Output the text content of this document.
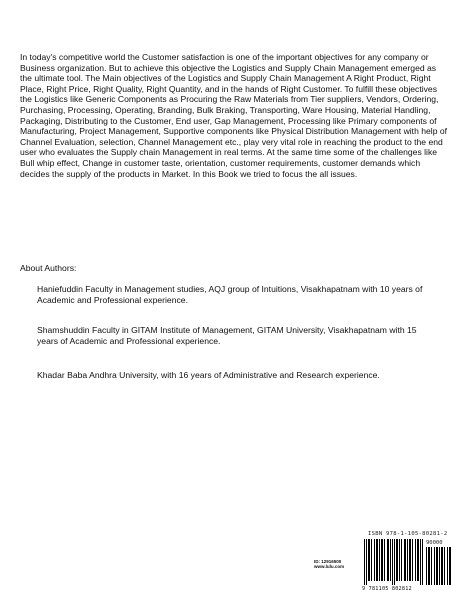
In today's competitive world the Customer satisfaction is one of the important objectives for any company or Business organization. But to achieve this objective the Logistics and Supply Chain Management emerged as the ultimate tool. The Main objectives of the Logistics and Supply Chain Management A Right Product, Right Place, Right Price, Right Quality, Right Quantity, and in the hands of Right Customer. To fulfill these objectives the Logistics like Generic Components as Procuring the Raw Materials from Tier suppliers, Vendors, Ordering, Purchasing, Processing, Operating, Branding, Bulk Braking, Transporting, Ware Housing, Material Handling, Packaging, Distributing to the Customer, End user, Gap Management, Processing like Primary components of Manufacturing, Project Management, Supportive components like Physical Distribution Management with help of Channel Evaluation, selection, Channel Management etc., play very vital role in reaching the product to the end user who evaluates the Supply chain Management in real terms. At the same time some of the challenges like Bull whip effect, Change in customer taste, orientation, customer requirements, customer demands which decides the supply of the products in Market. In this Book we tried to focus the all issues.

About Authors:

Haniefuddin Faculty in Management studies, AQJ group of Intuitions, Visakhapatnam with 10 years of Academic and Professional experience.

Shamshuddin Faculty in GITAM Institute of Management, GITAM University, Visakhapatnam with 15 years of Academic and Professional experience.

Khadar Baba Andhra University, with 16 years of Administrative and Research experience.

ISBN 978-1-105-80281-2
90000
ID: 12916500
www.lulu.com
9 781105 802812
